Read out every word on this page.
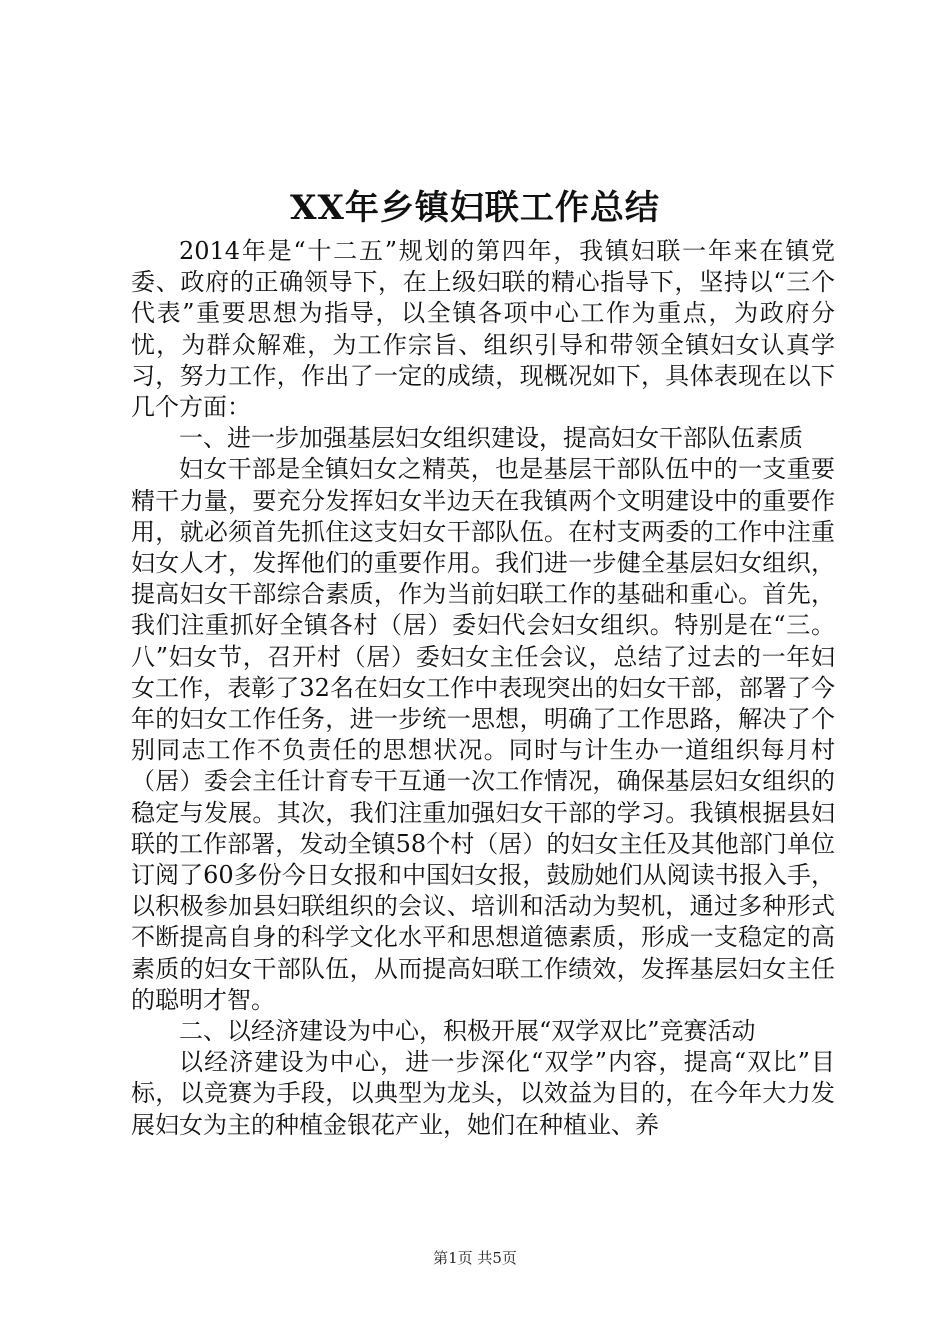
XX年乡镇妇联工作总结

2014年是“十二五”规划的第四年，我镇妇联一年来在镇党委、政府的正确领导下，在上级妇联的精心指导下，坚持以“三个代表”重要思想为指导，以全镇各项中心工作为重点，为政府分忧，为群众解难，为工作宗旨、组织引导和带领全镇妇女认真学习，努力工作，作出了一定的成绩，现概况如下，具体表现在以下几个方面：

一、进一步加强基层妇女组织建设，提高妇女干部队伍素质

妇女干部是全镇妇女之精英，也是基层干部队伍中的一支重要精干力量，要充分发挥妇女半边天在我镇两个文明建设中的重要作用，就必须首先抓住这支妇女干部队伍。在村支两委的工作中注重妇女人才，发挥他们的重要作用。我们进一步健全基层妇女组织，提高妇女干部综合素质，作为当前妇联工作的基础和重心。首先，我们注重抓好全镇各村（居）委妇代会妇女组织。特别是在“三。八”妇女节，召开村（居）委妇女主任会议，总结了过去的一年妇女工作，表彰了32名在妇女工作中表现突出的妇女干部，部署了今年的妇女工作任务，进一步统一思想，明确了工作思路，解决了个别同志工作不负责任的思想状况。同时与计生办一道组织每月村（居）委会主任计育专干互通一次工作情况，确保基层妇女组织的稳定与发展。其次，我们注重加强妇女干部的学习。我镇根据县妇联的工作部署，发动全镇58个村（居）的妇女主任及其他部门单位订阅了60多份今日女报和中国妇女报，鼓励她们从阅读书报入手，以积极参加县妇联组织的会议、培训和活动为契机，通过多种形式不断提高自身的科学文化水平和思想道德素质，形成一支稳定的高素质的妇女干部队伍，从而提高妇联工作绩效，发挥基层妇女主任的聪明才智。

二、以经济建设为中心，积极开展“双学双比”竞赛活动

以经济建设为中心，进一步深化“双学”内容，提高“双比”目标，以竞赛为手段，以典型为龙头，以效益为目的，在今年大力发展妇女为主的种植金银花产业，她们在种植业、养

第1页 共5页
